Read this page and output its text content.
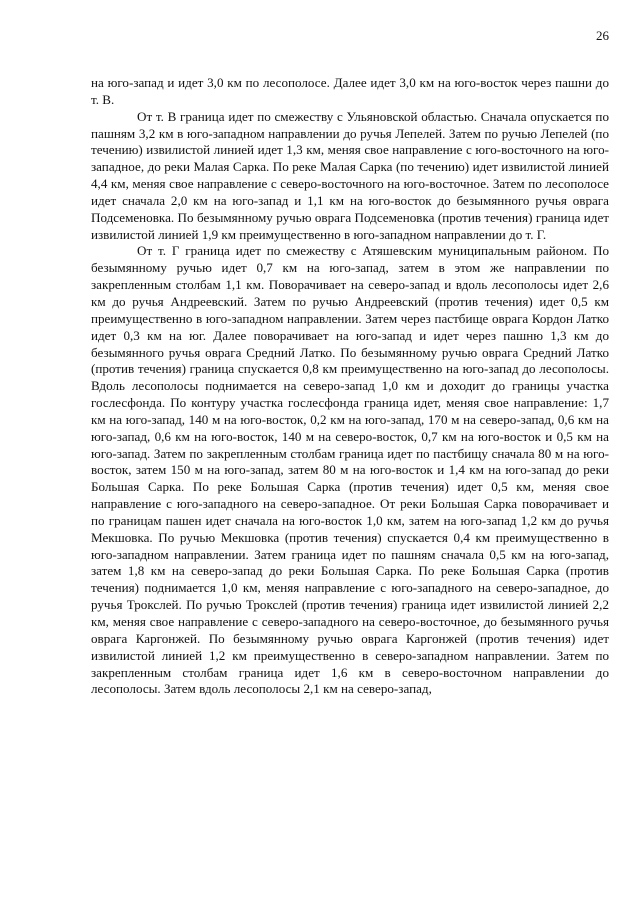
26

на юго-запад и идет 3,0 км по лесополосе. Далее идет 3,0 км на юго-восток через пашни до т. В.

От т. В граница идет по смежеству с Ульяновской областью. Сначала опускается по пашням 3,2 км в юго-западном направлении до ручья Лепелей. Затем по ручью Лепелей (по течению) извилистой линией идет 1,3 км, меняя свое направление с юго-восточного на юго-западное, до реки Малая Сарка. По реке Малая Сарка (по течению) идет извилистой линией 4,4 км, меняя свое направление с северо-восточного на юго-восточное. Затем по лесополосе идет сначала 2,0 км на юго-запад и 1,1 км на юго-восток до безымянного ручья оврага Подсеменовка. По безымянному ручью оврага Подсеменовка (против течения) граница идет извилистой линией 1,9 км преимущественно в юго-западном направлении до т. Г.

От т. Г граница идет по смежеству с Атяшевским муниципальным районом. По безымянному ручью идет 0,7 км на юго-запад, затем в этом же направлении по закрепленным столбам 1,1 км. Поворачивает на северо-запад и вдоль лесополосы идет 2,6 км до ручья Андреевский. Затем по ручью Андреевский (против течения) идет 0,5 км преимущественно в юго-западном направлении. Затем через пастбище оврага Кордон Латко идет 0,3 км на юг. Далее поворачивает на юго-запад и идет через пашню 1,3 км до безымянного ручья оврага Средний Латко. По безымянному ручью оврага Средний Латко (против течения) граница спускается 0,8 км преимущественно на юго-запад до лесополосы. Вдоль лесополосы поднимается на северо-запад 1,0 км и доходит до границы участка гослесфонда. По контуру участка гослесфонда граница идет, меняя свое направление: 1,7 км на юго-запад, 140 м на юго-восток, 0,2 км на юго-запад, 170 м на северо-запад, 0,6 км на юго-запад, 0,6 км на юго-восток, 140 м на северо-восток, 0,7 км на юго-восток и 0,5 км на юго-запад. Затем по закрепленным столбам граница идет по пастбищу сначала 80 м на юго-восток, затем 150 м на юго-запад, затем 80 м на юго-восток и 1,4 км на юго-запад до реки Большая Сарка. По реке Большая Сарка (против течения) идет 0,5 км, меняя свое направление с юго-западного на северо-западное. От реки Большая Сарка поворачивает и по границам пашен идет сначала на юго-восток 1,0 км, затем на юго-запад 1,2 км до ручья Мекшовка. По ручью Мекшовка (против течения) спускается 0,4 км преимущественно в юго-западном направлении. Затем граница идет по пашням сначала 0,5 км на юго-запад, затем 1,8 км на северо-запад до реки Большая Сарка. По реке Большая Сарка (против течения) поднимается 1,0 км, меняя направление с юго-западного на северо-западное, до ручья Трокслей. По ручью Трокслей (против течения) граница идет извилистой линией 2,2 км, меняя свое направление с северо-западного на северо-восточное, до безымянного ручья оврага Каргонжей. По безымянному ручью оврага Каргонжей (против течения) идет извилистой линией 1,2 км преимущественно в северо-западном направлении. Затем по закрепленным столбам граница идет 1,6 км в северо-восточном направлении до лесополосы. Затем вдоль лесополосы 2,1 км на северо-запад,
